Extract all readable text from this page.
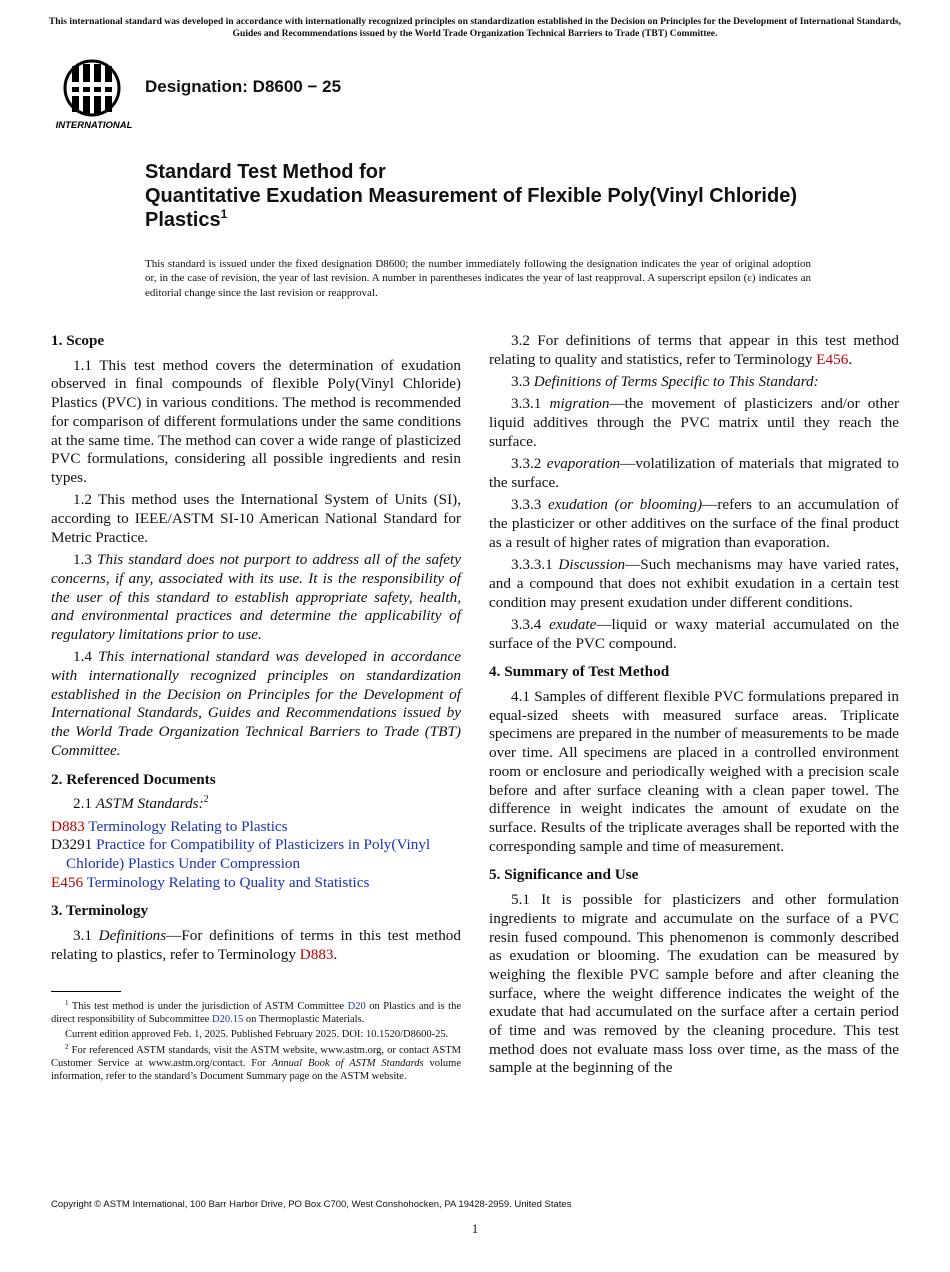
This international standard was developed in accordance with internationally recognized principles on standardization established in the Decision on Principles for the Development of International Standards, Guides and Recommendations issued by the World Trade Organization Technical Barriers to Trade (TBT) Committee.
INTERNATIONAL
Designation: D8600 − 25
Standard Test Method for
Quantitative Exudation Measurement of Flexible Poly(Vinyl Chloride) Plastics$^1$
This standard is issued under the fixed designation D8600; the number immediately following the designation indicates the year of original adoption or, in the case of revision, the year of last revision. A number in parentheses indicates the year of last reapproval. A superscript epsilon (ε) indicates an editorial change since the last revision or reapproval.
1. Scope

1.1 This test method covers the determination of exudation observed in final compounds of flexible Poly(Vinyl Chloride) Plastics (PVC) in various conditions. The method is recommended for comparison of different formulations under the same conditions at the same time. The method can cover a wide range of plasticized PVC formulations, considering all possible ingredients and resin types.

1.2 This method uses the International System of Units (SI), according to IEEE/ASTM SI-10 American National Standard for Metric Practice.

1.3 This standard does not purport to address all of the safety concerns, if any, associated with its use. It is the responsibility of the user of this standard to establish appropriate safety, health, and environmental practices and determine the applicability of regulatory limitations prior to use.

1.4 This international standard was developed in accordance with internationally recognized principles on standardization established in the Decision on Principles for the Development of International Standards, Guides and Recommendations issued by the World Trade Organization Technical Barriers to Trade (TBT) Committee.

2. Referenced Documents

2.1 ASTM Standards:$^2$

D883 Terminology Relating to Plastics
D3291 Practice for Compatibility of Plasticizers in Poly(Vinyl Chloride) Plastics Under Compression
E456 Terminology Relating to Quality and Statistics
3. Terminology

3.1 Definitions—For definitions of terms in this test method relating to plastics, refer to Terminology D883.

$^1$ This test method is under the jurisdiction of ASTM Committee D20 on Plastics and is the direct responsibility of Subcommittee D20.15 on Thermoplastic Materials.

Current edition approved Feb. 1, 2025. Published February 2025. DOI: 10.1520/D8600-25.

$^2$ For referenced ASTM standards, visit the ASTM website, www.astm.org, or contact ASTM Customer Service at www.astm.org/contact. For Annual Book of ASTM Standards volume information, refer to the standard’s Document Summary page on the ASTM website.

3.2 For definitions of terms that appear in this test method relating to quality and statistics, refer to Terminology E456.

3.3 Definitions of Terms Specific to This Standard:

3.3.1 migration—the movement of plasticizers and/or other liquid additives through the PVC matrix until they reach the surface.

3.3.2 evaporation—volatilization of materials that migrated to the surface.

3.3.3 exudation (or blooming)—refers to an accumulation of the plasticizer or other additives on the surface of the final product as a result of higher rates of migration than evaporation.

3.3.3.1 Discussion—Such mechanisms may have varied rates, and a compound that does not exhibit exudation in a certain test condition may present exudation under different conditions.

3.3.4 exudate—liquid or waxy material accumulated on the surface of the PVC compound.

4. Summary of Test Method

4.1 Samples of different flexible PVC formulations prepared in equal-sized sheets with measured surface areas. Triplicate specimens are prepared in the number of measurements to be made over time. All specimens are placed in a controlled environment room or enclosure and periodically weighed with a precision scale before and after surface cleaning with a clean paper towel. The difference in weight indicates the amount of exudate on the surface. Results of the triplicate averages shall be reported with the corresponding sample and time of measurement.

5. Significance and Use

5.1 It is possible for plasticizers and other formulation ingredients to migrate and accumulate on the surface of a PVC resin fused compound. This phenomenon is commonly described as exudation or blooming. The exudation can be measured by weighing the flexible PVC sample before and after cleaning the surface, where the weight difference indicates the weight of the exudate that had accumulated on the surface after a certain period of time and was removed by the cleaning procedure. This test method does not evaluate mass loss over time, as the mass of the sample at the beginning of the

Copyright © ASTM International, 100 Barr Harbor Drive, PO Box C700, West Conshohocken, PA 19428-2959. United States
1
